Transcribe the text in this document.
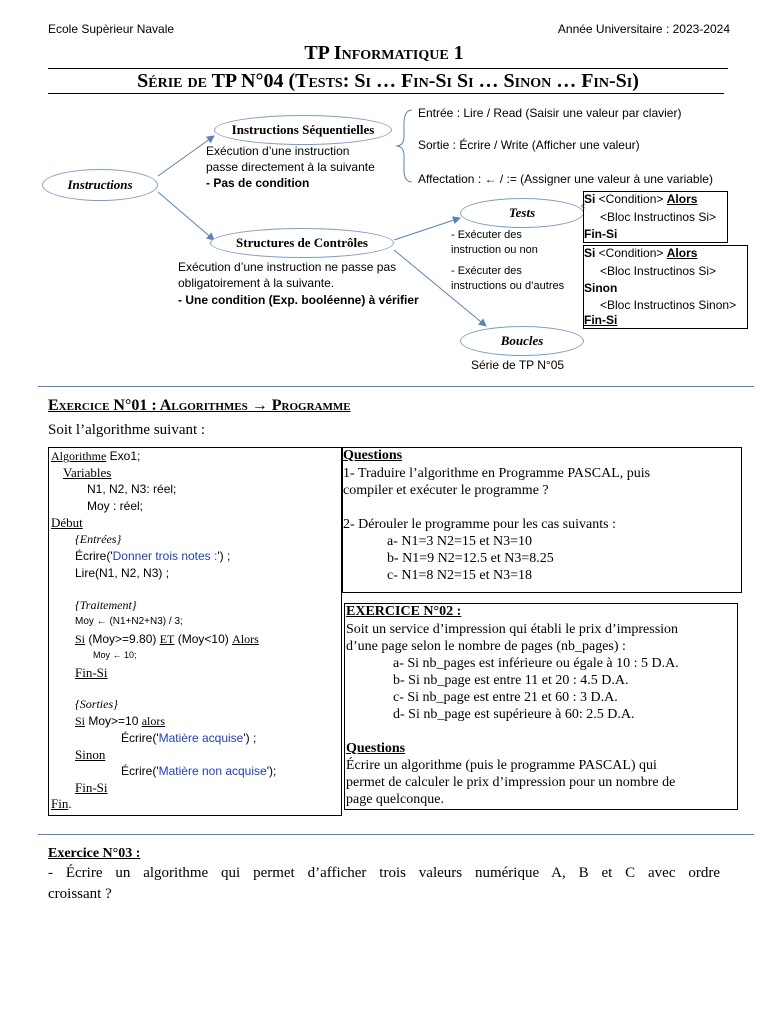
Ecole Supèrieur Navale	Année Universitaire : 2023-2024
TP Informatique 1
Série de TP N°04 (Tests: Si … Fin-Si Si … Sinon … Fin-Si)
Instructions
Instructions Séquentielles
Exécution d’une instruction
passe directement à la suivante
- Pas de condition
Entrée : Lire / Read (Saisir une valeur par clavier)
Sortie : Écrire / Write (Afficher une valeur)
Affectation : ← / := (Assigner une valeur à une variable)
Structures de Contrôles
Exécution d’une instruction ne passe pas
obligatoirement à la suivante.
- Une condition (Exp. booléenne) à vérifier
Tests
- Exécuter des
instruction ou non
- Exécuter des
instructions ou d’autres
Boucles
Série de TP N°05
Si <Condition> Alors
<Bloc Instructinos Si>
Fin-Si
Si <Condition> Alors
<Bloc Instructinos Si>
Sinon
<Bloc Instructinos Sinon>
Fin-Si
Exercice N°01 : Algorithmes → Programme
Soit l’algorithme suivant :
Algorithme Exo1;
Variables
N1, N2, N3: réel;
Moy : réel;
Début
{Entrées}
Écrire('Donner trois notes :') ;
Lire(N1, N2, N3) ;
{Traitement}
Moy ← (N1+N2+N3) / 3;
Si (Moy>=9.80) ET (Moy<10) Alors
Moy ← 10;
Fin-Si
{Sorties}
Si Moy>=10 alors
Écrire('Matière acquise') ;
Sinon
Écrire('Matière non acquise');
Fin-Si
Fin.
Questions
1- Traduire l’algorithme en Programme PASCAL, puis
compiler et exécuter le programme ?
2- Dérouler le programme pour les cas suivants :
a- N1=3 N2=15 et N3=10
b- N1=9 N2=12.5 et N3=8.25
c- N1=8 N2=15 et N3=18
EXERCICE N°02 :
Soit un service d’impression qui établi le prix d’impression
d’une page selon le nombre de pages (nb_pages) :
a- Si nb_pages est inférieure ou égale à 10 : 5 D.A.
b- Si nb_page est entre 11 et 20 : 4.5 D.A.
c- Si nb_page est entre 21 et 60 : 3 D.A.
d- Si nb_page est supérieure à 60: 2.5 D.A.
Questions
Écrire un algorithme (puis le programme PASCAL) qui
permet de calculer le prix d’impression pour un nombre de
page quelconque.
Exercice N°03 :
- Écrire un algorithme qui permet d’afficher trois valeurs numérique A, B et C avec ordre
croissant ?
